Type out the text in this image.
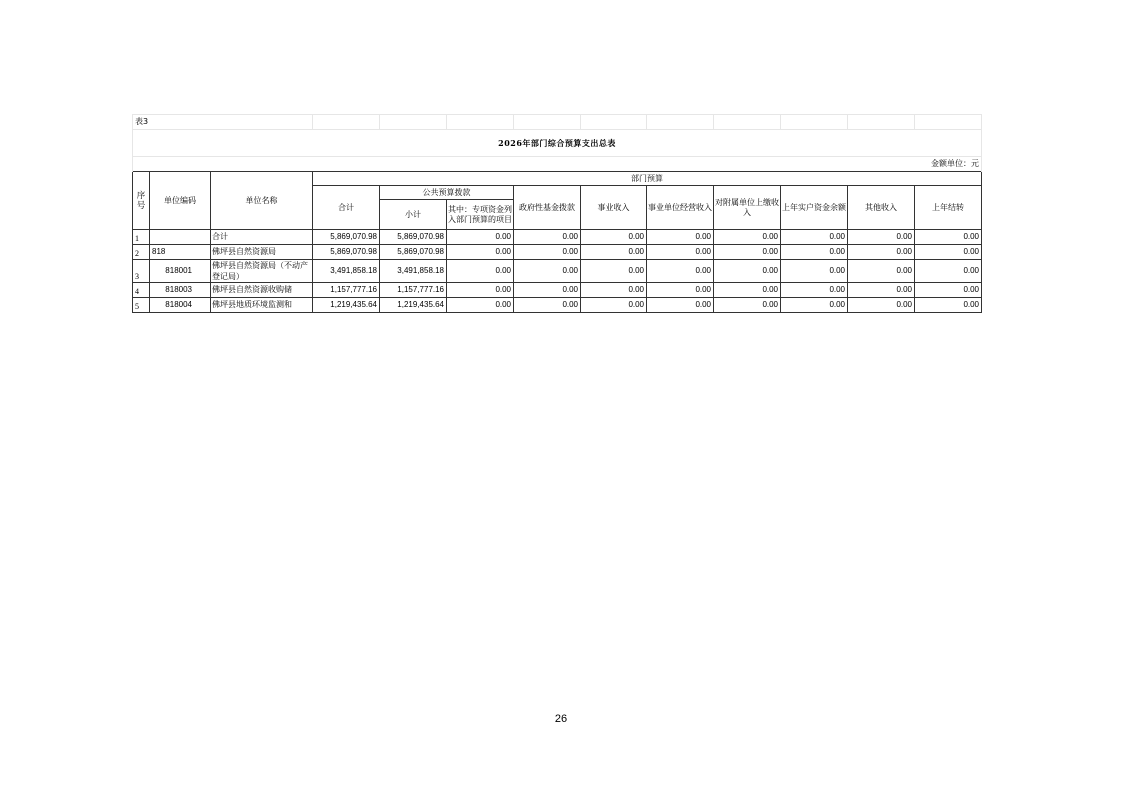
表3												
2026年部门综合预算支出总表												
金额单位：元												
序号	单位编码	单位名称	部门预算									
			合计	公共预算拨款		政府性基金拨款	事业收入	事业单位经营收入	对附属单位上缴收入	上年实户资金余额	其他收入	上年结转
				小计	其中：专项资金列入部门预算的项目							
1		合计	5,869,070.98	5,869,070.98	0.00	0.00	0.00	0.00	0.00	0.00	0.00	0.00
2	818	佛坪县自然资源局	5,869,070.98	5,869,070.98	0.00	0.00	0.00	0.00	0.00	0.00	0.00	0.00
3	818001	佛坪县自然资源局（不动产登记局）	3,491,858.18	3,491,858.18	0.00	0.00	0.00	0.00	0.00	0.00	0.00	0.00
4	818003	佛坪县自然资源收购储	1,157,777.16	1,157,777.16	0.00	0.00	0.00	0.00	0.00	0.00	0.00	0.00
5	818004	佛坪县地质环境监测和	1,219,435.64	1,219,435.64	0.00	0.00	0.00	0.00	0.00	0.00	0.00	0.00
26
